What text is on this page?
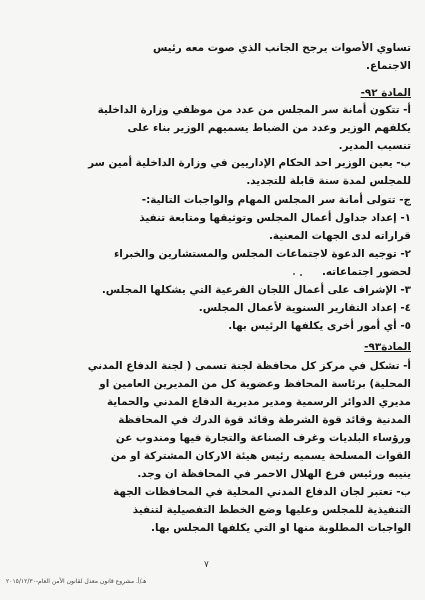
تساوي الأصوات يرجح الجانب الذي صوت معه رئيس
الاجتماع.
المادة ٩٢-
أ- تتكون أمانة سر المجلس من عدد من موظفي وزارة الداخلية
يكلفهم الوزير وعدد من الضباط يسميهم الوزير بناء على
تنسيب المدير.
ب- يعين الوزير احد الحكام الإداريين في وزارة الداخلية أمين سر
للمجلس لمدة سنة قابلة للتجديد.
ج- تتولى أمانة سر المجلس المهام والواجبات التالية:-
١- إعداد جداول أعمال المجلس وتوثيقها ومتابعة تنفيذ
قراراته لدى الجهات المعنية.
٢- توجيه الدعوة لاجتماعات المجلس والمستشارين والخبراء
لحضور اجتماعاته.
٣- الإشراف على أعمال اللجان الفرعية التي يشكلها المجلس.
٤- إعداد التقارير السنوية لأعمال المجلس.
٥- أي أمور أخرى يكلفها الرئيس بها.
المادة٩٣-
أ- تشكل في مركز كل محافظة لجنة تسمى ( لجنة الدفاع المدني
المحلية) برئاسة المحافظ وعضوية كل من المديرين العامين او
مديري الدوائر الرسمية ومدير مديرية الدفاع المدني والحماية
المدنية وقائد قوة الشرطة وقائد قوة الدرك في المحافظة
ورؤساء البلديات وغرف الصناعة والتجارة فيها ومندوب عن
القوات المسلحة يسميه رئيس هيئة الاركان المشتركة او من
ينيبه ورئيس فرع الهلال الاحمر في المحافظة ان وجد.
ب- تعتبر لجان الدفاع المدني المحلية في المحافظات الجهة
التنفيذية للمجلس وعليها وضع الخطط التفصيلية لتنفيذ
الواجبات المطلوبة منها او التي يكلفها المجلس بها.
٧
هـ/أ. مشروع قانون معدل لقانون الأمن العام-٢٠١٥/١٢/٣٠
